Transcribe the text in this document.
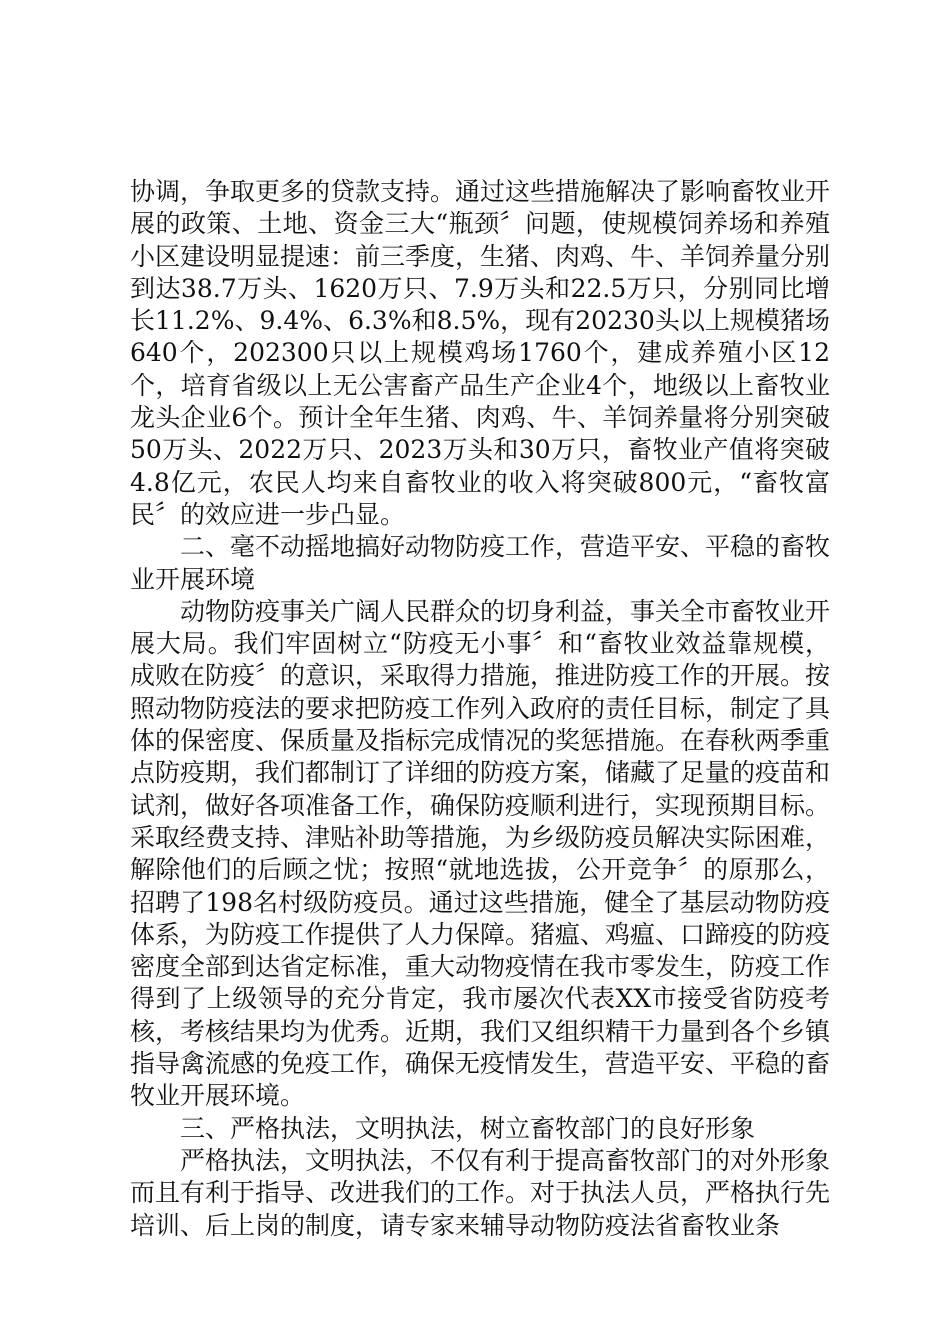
协调，争取更多的贷款支持。通过这些措施解决了影响畜牧业开展的政策、土地、资金三大“瓶颈〞问题，使规模饲养场和养殖小区建设明显提速：前三季度，生猪、肉鸡、牛、羊饲养量分别到达38.7万头、1620万只、7.9万头和22.5万只，分别同比增长11.2%、9.4%、6.3%和8.5%，现有20230头以上规模猪场640个，202300只以上规模鸡场1760个，建成养殖小区12个，培育省级以上无公害畜产品生产企业4个，地级以上畜牧业龙头企业6个。预计全年生猪、肉鸡、牛、羊饲养量将分别突破50万头、2022万只、2023万头和30万只，畜牧业产值将突破4.8亿元，农民人均来自畜牧业的收入将突破800元，“畜牧富民〞的效应进一步凸显。

二、毫不动摇地搞好动物防疫工作，营造平安、平稳的畜牧业开展环境

动物防疫事关广阔人民群众的切身利益，事关全市畜牧业开展大局。我们牢固树立“防疫无小事〞和“畜牧业效益靠规模，成败在防疫〞的意识，采取得力措施，推进防疫工作的开展。按照动物防疫法的要求把防疫工作列入政府的责任目标，制定了具体的保密度、保质量及指标完成情况的奖惩措施。在春秋两季重点防疫期，我们都制订了详细的防疫方案，储藏了足量的疫苗和试剂，做好各项准备工作，确保防疫顺利进行，实现预期目标。采取经费支持、津贴补助等措施，为乡级防疫员解决实际困难，解除他们的后顾之忧；按照“就地选拔，公开竞争〞的原那么，招聘了198名村级防疫员。通过这些措施，健全了基层动物防疫体系，为防疫工作提供了人力保障。猪瘟、鸡瘟、口蹄疫的防疫密度全部到达省定标准，重大动物疫情在我市零发生，防疫工作得到了上级领导的充分肯定，我市屡次代表XX市接受省防疫考核，考核结果均为优秀。近期，我们又组织精干力量到各个乡镇指导禽流感的免疫工作，确保无疫情发生，营造平安、平稳的畜牧业开展环境。

三、严格执法，文明执法，树立畜牧部门的良好形象

严格执法，文明执法，不仅有利于提高畜牧部门的对外形象而且有利于指导、改进我们的工作。对于执法人员，严格执行先培训、后上岗的制度，请专家来辅导动物防疫法省畜牧业条
